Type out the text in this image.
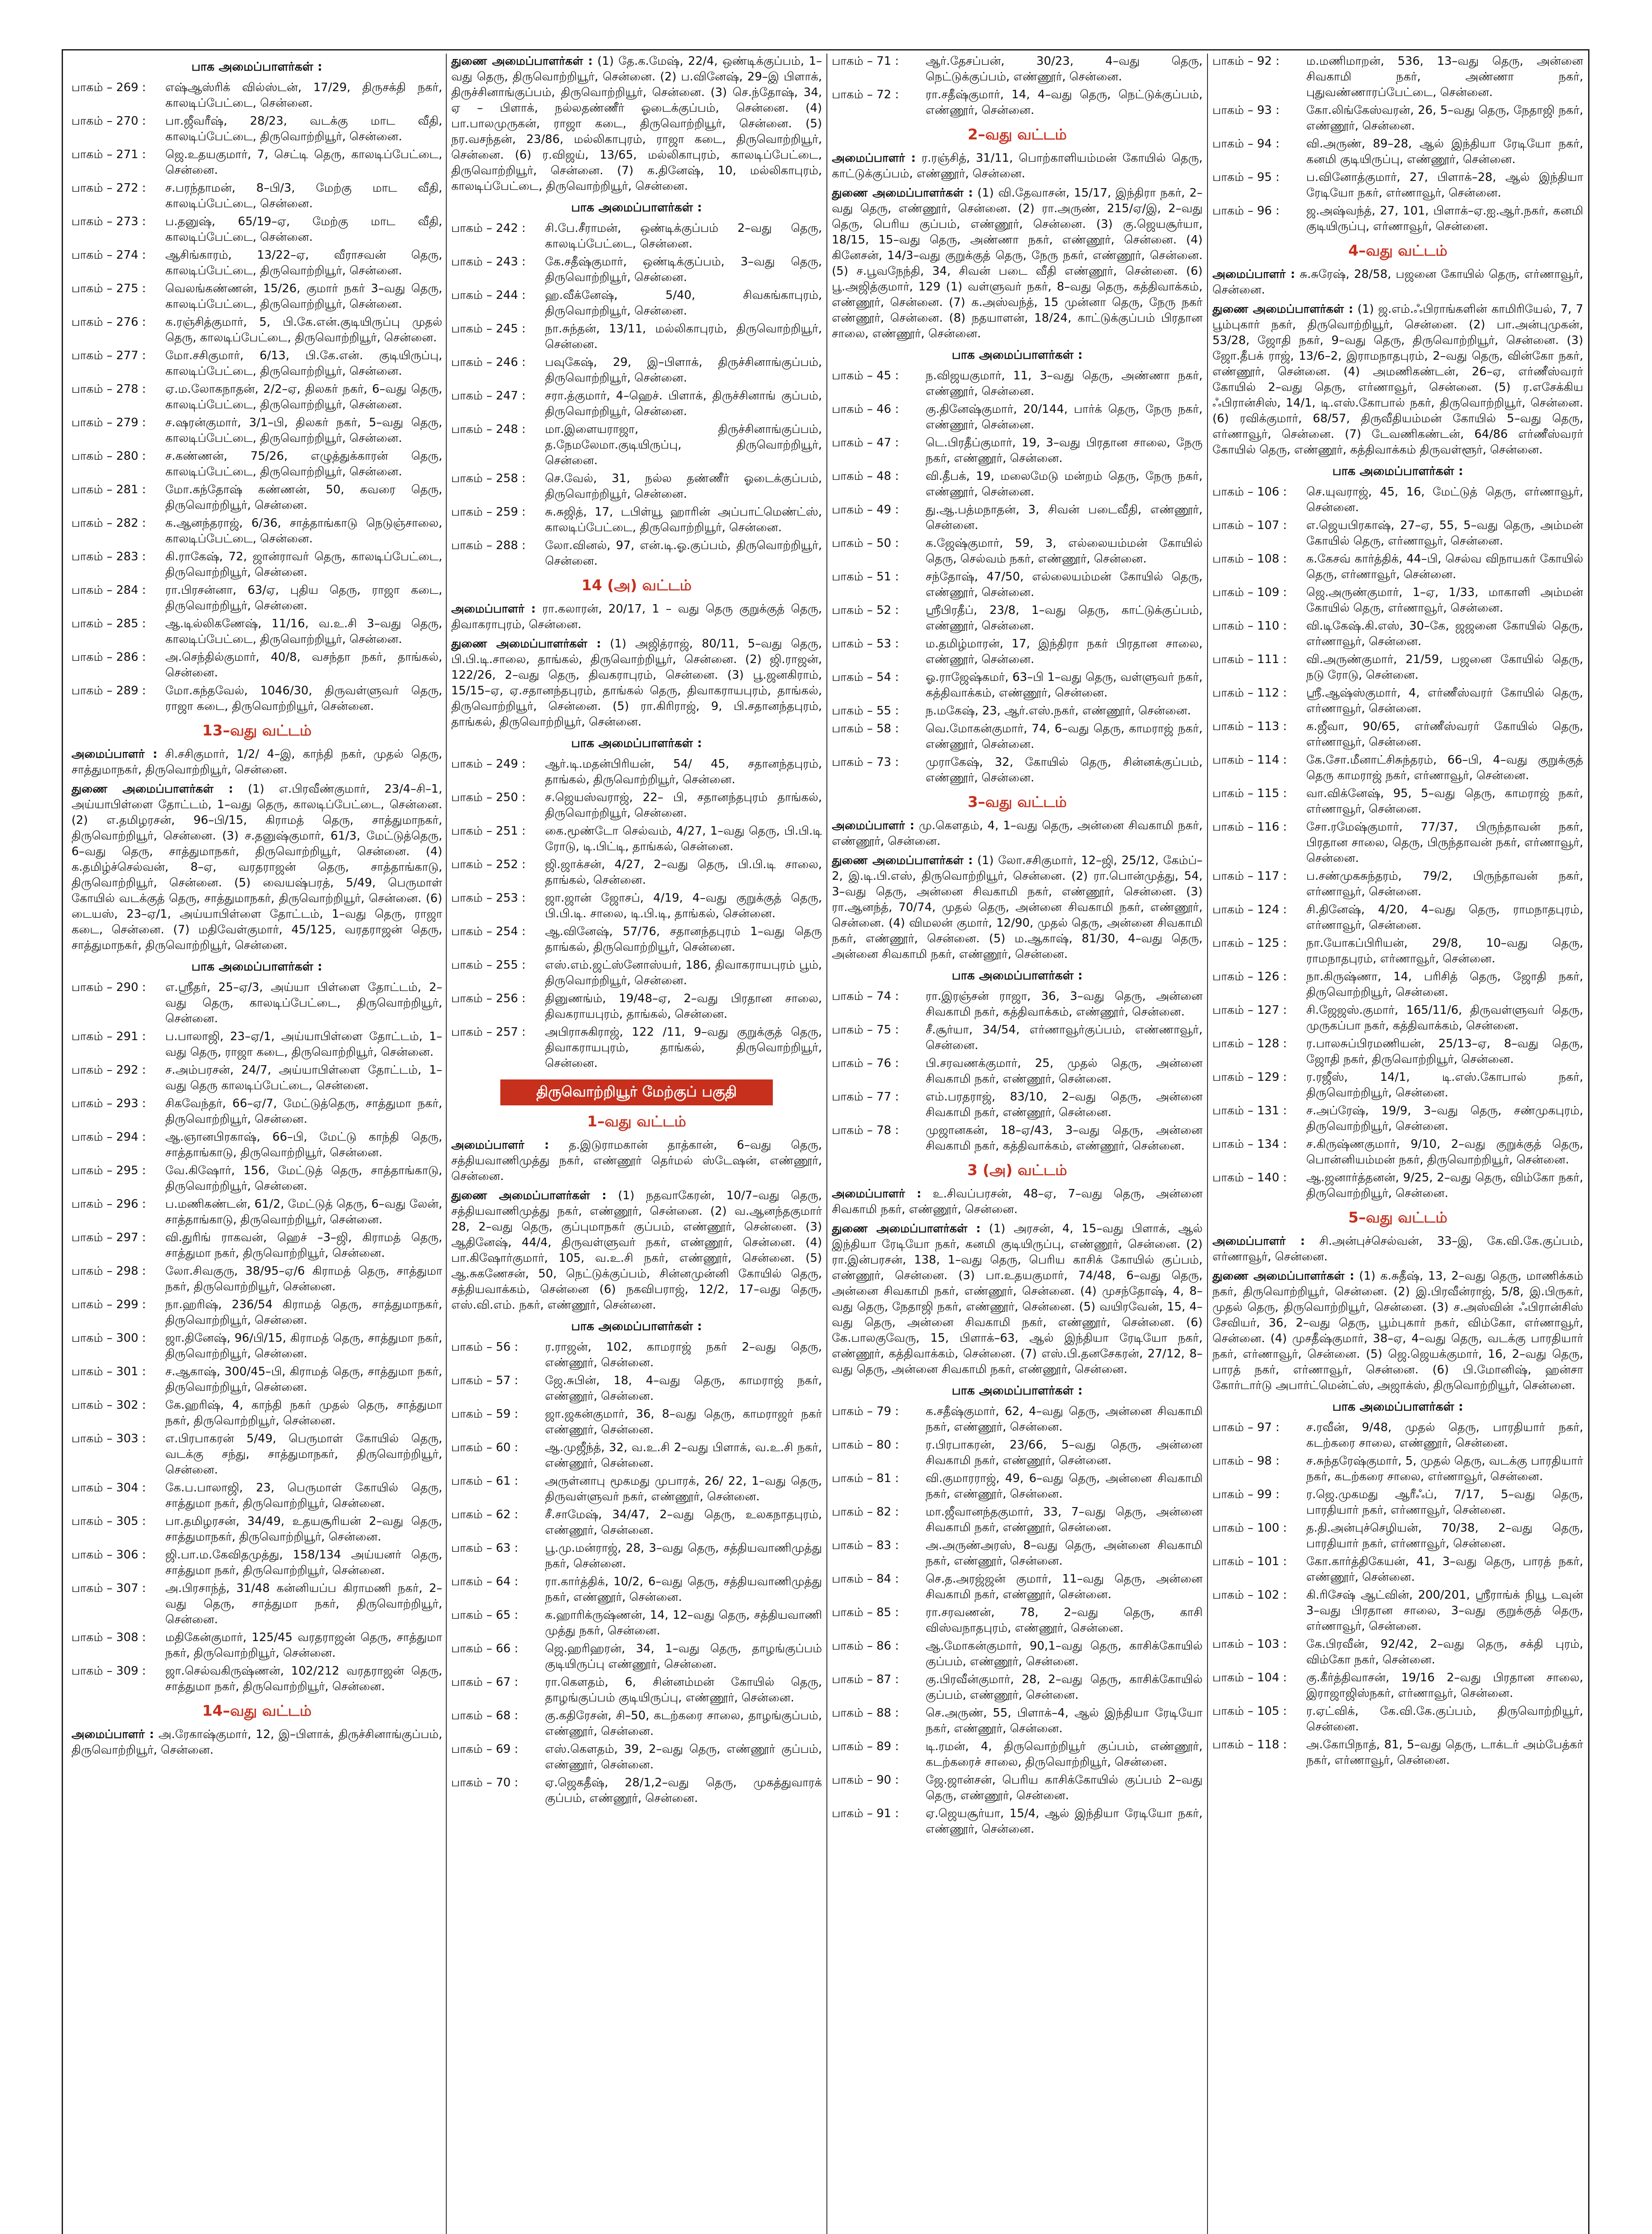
பாக அமைப்பாளர்கள் :
பாகம் – 269 :	எஷ்ஆஸ்ரிக் வில்ஸ்டன், 17/29, திருசக்தி நகர், காலடிப்பேட்டை, சென்னை.
பாகம் – 270 :	பா.ஜீவரீஷ், 28/23, வடக்கு மாட வீதி, காலடிப்பேட்டை, திருவொற்றியூர், சென்னை.
பாகம் – 271 :	ஜெ.உதயகுமார், 7, செட்டி தெரு, காலடிப்பேட்டை, சென்னை.
பாகம் – 272 :	ச.பரந்தாமன், 8–பி/3, மேற்கு மாட வீதி, காலடிப்பேட்டை, சென்னை.
பாகம் – 273 :	ப.தனுஷ், 65/19–ஏ, மேற்கு மாட வீதி, காலடிப்பேட்டை, சென்னை.
பாகம் – 274 :	ஆசிங்காரம், 13/22–ஏ, வீராசவன் தெரு, காலடிப்பேட்டை, திருவொற்றியூர், சென்னை.
பாகம் – 275 :	வெலங்கண்ணன், 15/26, குமார் நகர் 3–வது தெரு, காலடிப்பேட்டை, திருவொற்றியூர், சென்னை.
பாகம் – 276 :	க.ரஞ்சித்குமார், 5, பி.கே.என்.குடியிருப்பு முதல் தெரு, காலடிப்பேட்டை, திருவொற்றியூர், சென்னை.
பாகம் – 277 :	மோ.சசிகுமார், 6/13, பி.கே.என். குடியிருப்பு, காலடிப்பேட்டை, திருவொற்றியூர், சென்னை.
பாகம் – 278 :	ஏ.ம.லோகநாதன், 2/2–ஏ, திலகர் நகர், 6–வது தெரு, காலடிப்பேட்டை, திருவொற்றியூர், சென்னை.
பாகம் – 279 :	ச.ஷரன்குமார், 3/1–பி, திலகர் நகர், 5–வது தெரு, காலடிப்பேட்டை, திருவொற்றியூர், சென்னை.
பாகம் – 280 :	ச.கண்ணன், 75/26, எழுத்துக்காரன் தெரு, காலடிப்பேட்டை, திருவொற்றியூர், சென்னை.
பாகம் – 281 :	மோ.கந்தோஷ் கண்ணன், 50, கவரை தெரு, திருவொற்றியூர், சென்னை.
பாகம் – 282 :	க.ஆனந்தராஜ், 6/36, சாத்தாங்காடு நெடுஞ்சாலை, காலடிப்பேட்டை, சென்னை.
பாகம் – 283 :	கி.ராகேஷ், 72, ஜான்ராவர் தெரு, காலடிப்பேட்டை, திருவொற்றியூர், சென்னை.
பாகம் – 284 :	ரா.பிரசன்னா, 63/ஏ, புதிய தெரு, ராஜா கடை, திருவொற்றியூர், சென்னை.
பாகம் – 285 :	ஆ.டில்லிகணேஷ், 11/16, வ.உ.சி 3–வது தெரு, காலடிப்பேட்டை, திருவொற்றியூர், சென்னை.
பாகம் – 286 :	அ.செந்தில்குமார், 40/8, வசந்தா நகர், தாங்கல், சென்னை.
பாகம் – 289 :	மோ.கந்தவேல், 1046/30, திருவள்ளுவர் தெரு, ராஜா கடை, திருவொற்றியூர், சென்னை.
13–வது வட்டம்
அமைப்பாளர் : சி.சசிகுமார், 1/2/ 4–இ, காந்தி நகர், முதல் தெரு, சாத்துமாநகர், திருவொற்றியூர், சென்னை.
துணை அமைப்பாளர்கள் : (1) எ.பிரவீண்குமார், 23/4–சி–1, அய்யாபிள்ளை தோட்டம், 1–வது தெரு, காலடிப்பேட்டை, சென்னை. (2) எ.தமிழரசன், 96–பி/15, கிராமத் தெரு, சாத்துமாநகர், திருவொற்றியூர், சென்னை. (3) ச.தனுஷ்குமார், 61/3, மேட்டுத்தெரு, 6–வது தெரு, சாத்துமாநகர், திருவொற்றியூர், சென்னை. (4) க.தமிழ்ச்செல்வன், 8–ஏ, வரதராஜன் தெரு, சாத்தாங்காடு, திருவொற்றியூர், சென்னை. (5) வையஷ்பரத், 5/49, பெருமாள் கோயில் வடக்குத் தெரு, சாத்துமாநகர், திருவொற்றியூர், சென்னை. (6) டையஸ், 23–ஏ/1, அய்யாபிள்ளை தோட்டம், 1–வது தெரு, ராஜா கடை, சென்னை. (7) மதிவேள்குமார், 45/125, வரதராஜன் தெரு, சாத்துமாநகர், திருவொற்றியூர், சென்னை.
பாக அமைப்பாளர்கள் :
பாகம் – 290 :	எ.ஸ்ரீதர், 25–ஏ/3, அய்யா பிள்ளை தோட்டம், 2–வது தெரு, காலடிப்பேட்டை, திருவொற்றியூர், சென்னை.
பாகம் – 291 :	ப.பாலாஜி, 23–ஏ/1, அய்யாபிள்ளை தோட்டம், 1–வது தெரு, ராஜா கடை, திருவொற்றியூர், சென்னை.
பாகம் – 292 :	ச.அம்பரசன், 24/7, அய்யாபிள்ளை தோட்டம், 1–வது தெரு காலடிப்பேட்டை, சென்னை.
பாகம் – 293 :	சிகவேந்தர், 66–ஏ/7, மேட்டுத்தெரு, சாத்துமா நகர், திருவொற்றியூர், சென்னை.
பாகம் – 294 :	ஆ.ஞானபிரகாஷ், 66–பி, மேட்டு காந்தி தெரு, சாத்தாங்காடு, திருவொற்றியூர், சென்னை.
பாகம் – 295 :	வே.கிஷோர், 156, மேட்டுத் தெரு, சாத்தாங்காடு, திருவொற்றியூர், சென்னை.
பாகம் – 296 :	ப.மணிகண்டன், 61/2, மேட்டுத் தெரு, 6–வது லேன், சாத்தாங்காடு, திருவொற்றியூர், சென்னை.
பாகம் – 297 :	வி.துரிங் ராகவன், ஹெச் –3–ஜி, கிராமத் தெரு, சாத்துமா நகர், திருவொற்றியூர், சென்னை.
பாகம் – 298 :	லோ.சிவகுரு, 38/95–ஏ/6 கிராமத் தெரு, சாத்துமா நகர், திருவொற்றியூர், சென்னை.
பாகம் – 299 :	நா.ஹரிஷ், 236/54 கிராமத் தெரு, சாத்துமாநகர், திருவொற்றியூர், சென்னை.
பாகம் – 300 :	ஜா.தினேஷ், 96/பி/15, கிராமத் தெரு, சாத்துமா நகர், திருவொற்றியூர், சென்னை.
பாகம் – 301 :	ச.ஆகாஷ், 300/45–பி, கிராமத் தெரு, சாத்துமா நகர், திருவொற்றியூர், சென்னை.
பாகம் – 302 :	கே.ஹரிஷ், 4, காந்தி நகர் முதல் தெரு, சாத்துமா நகர், திருவொற்றியூர், சென்னை.
பாகம் – 303 :	எ.பிரபாகரன் 5/49, பெருமாள் கோயில் தெரு, வடக்கு சந்து, சாத்துமாநகர், திருவொற்றியூர், சென்னை.
பாகம் – 304 :	கே.ப.பாலாஜி, 23, பெருமாள் கோயில் தெரு, சாத்துமா நகர், திருவொற்றியூர், சென்னை.
பாகம் – 305 :	பா.தமிழரசன், 34/49, உதயசூரியன் 2–வது தெரு, சாத்துமாநகர், திருவொற்றியூர், சென்னை.
பாகம் – 306 :	ஜி.பா.ம.கேவிதமுத்து, 158/134 அய்யனர் தெரு, சாத்துமா நகர், திருவொற்றியூர், சென்னை.
பாகம் – 307 :	அ.பிரசாந்த், 31/48 கன்னியப்ப கிராமணி நகர், 2–வது தெரு, சாத்துமா நகர், திருவொற்றியூர், சென்னை.
பாகம் – 308 :	மதிகேன்குமார், 125/45 வரதராஜன் தெரு, சாத்துமா நகர், திருவொற்றியூர், சென்னை.
பாகம் – 309 :	ஜா.செல்வகிருஷ்ணன், 102/212 வரதராஜன் தெரு, சாத்துமா நகர், திருவொற்றியூர், சென்னை.
14–வது வட்டம்
அமைப்பாளர் : அ.ரேகாஷ்குமார், 12, இ–பிளாக், திருச்சினாங்குப்பம், திருவொற்றியூர், சென்னை.
துணை அமைப்பாளர்கள் : (1) தே.க.மேஷ், 22/4, ஒண்டிக்குப்பம், 1–வது தெரு, திருவொற்றியூர், சென்னை. (2) ப.வினேஷ், 29–இ பிளாக், திருச்சினாங்குப்பம், திருவொற்றியூர், சென்னை. (3) செ.ந்தோஷ், 34, ஏ – பிளாக், நல்லதண்ணீர் ஓடைக்குப்பம், சென்னை. (4) பா.பாலமுருகன், ராஜா கடை, திருவொற்றியூர், சென்னை. (5) நர.வசந்தன், 23/86, மல்லிகாபுரம், ராஜா கடை, திருவொற்றியூர், சென்னை. (6) ர.விஜய், 13/65, மல்லிகாபுரம், காலடிப்பேட்டை, திருவொற்றியூர், சென்னை. (7) க.தினேஷ், 10, மல்லிகாபுரம், காலடிப்பேட்டை, திருவொற்றியூர், சென்னை.
பாக அமைப்பாளர்கள் :
பாகம் – 242 :	சி.பே.சீராமன், ஒண்டிக்குப்பம் 2–வது தெரு, காலடிப்பேட்டை, சென்னை.
பாகம் – 243 :	கே.சதீஷ்குமார், ஒண்டிக்குப்பம், 3–வது தெரு, திருவொற்றியூர், சென்னை.
பாகம் – 244 :	ஹ.வீக்னேஷ், 5/40, சிவகங்காபுரம், திருவொற்றியூர், சென்னை.
பாகம் – 245 :	நா.சுந்தன், 13/11, மல்லிகாபுரம், திருவொற்றியூர், சென்னை.
பாகம் – 246 :	பவுகேஷ், 29, இ–பிளாக், திருச்சினாங்குப்பம், திருவொற்றியூர், சென்னை.
பாகம் – 247 :	சரா.த்குமார், 4–ஹெச். பிளாக், திருச்சினாங் குப்பம், திருவொற்றியூர், சென்னை.
பாகம் – 248 :	மா.இளையராஜா, திருச்சினாங்குப்பம், த.நேமலேமா.குடியிருப்பு, திருவொற்றியூர், சென்னை.
பாகம் – 258 :	செ.வேல், 31, நல்ல தண்ணீர் ஓடைக்குப்பம், திருவொற்றியூர், சென்னை.
பாகம் – 259 :	சு.சுஜித், 17, டபிள்யூ ஹாரின் அப்பாட்மெண்ட்ஸ், காலடிப்பேட்டை, திருவொற்றியூர், சென்னை.
பாகம் – 288 :	லோ.வினல், 97, என்.டி.ஓ.குப்பம், திருவொற்றியூர், சென்னை.
14 (அ) வட்டம்
அமைப்பாளர் : ரா.கலாரன், 20/17, 1 – வது தெரு குறுக்குத் தெரு, திவாகராபுரம், சென்னை.
துணை அமைப்பாளர்கள் : (1) அஜித்ராஜ், 80/11, 5–வது தெரு, பி.பி.டி.சாலை, தாங்கல், திருவொற்றியூர், சென்னை. (2) ஜி.ராஜன், 122/26, 2–வது தெரு, திவகராபுரம், சென்னை. (3) பூ.ஜனகிராம், 15/15–ஏ, ஏ.சதானந்தபுரம், தாங்கல் தெரு, திவாகராயபுரம், தாங்கல், திருவொற்றியூர், சென்னை. (5) ரா.கிரிராஜ், 9, பி.சதானந்தபுரம், தாங்கல், திருவொற்றியூர், சென்னை.
பாக அமைப்பாளர்கள் :
பாகம் – 249 :	ஆர்.டி.மதன்பிரியன், 54/ 45, சதானந்தபுரம், தாங்கல், திருவொற்றியூர், சென்னை.
பாகம் – 250 :	ச.ஜெயஸ்வராஜ், 22– பி, சதானந்தபுரம் தாங்கல், திருவொற்றியூர், சென்னை.
பாகம் – 251 :	கை.மூண்டோ செல்வம், 4/27, 1–வது தெரு, பி.பி.டி ரோடு, டி.பிட்டி, தாங்கல், சென்னை.
பாகம் – 252 :	ஜி.ஜாக்சன், 4/27, 2–வது தெரு, பி.பி.டி சாலை, தாங்கல், சென்னை.
பாகம் – 253 :	ஜா.ஜான் ஜோசப், 4/19, 4–வது குறுக்குத் தெரு, பி.பி.டி. சாலை, டி.பி.டி, தாங்கல், சென்னை.
பாகம் – 254 :	ஆ.வினேஷ், 57/76, சதானந்தபுரம் 1–வது தெரு தாங்கல், திருவொற்றியூர், சென்னை.
பாகம் – 255 :	எஸ்.எம்.ஜட்ஸ்னோஸ்யர், 186, திவாகராயபுரம் பூம், திருவொற்றியூர், சென்னை.
பாகம் – 256 :	தினுணங்ம், 19/48–ஏ, 2–வது பிரதான சாலை, திவகராயபுரம், தாங்கல், சென்னை.
பாகம் – 257 :	அபிராசுகிராஜ், 122 /11, 9–வது குறுக்குத் தெரு, திவாகராயபுரம், தாங்கல், திருவொற்றியூர், சென்னை.
திருவொற்றியூர் மேற்குப் பகுதி
1–வது வட்டம்
அமைப்பாளர் : த.இடுராமகான் தாத்கான், 6–வது தெரு, சத்தியவாணிமுத்து நகர், எண்ணூர் தெர்மல் ஸ்டேஷன், எண்ணூர், சென்னை.
துணை அமைப்பாளர்கள் : (1) நதவாகேரன், 10/7–வது தெரு, சத்தியவாணிமுத்து நகர், எண்ணூர், சென்னை. (2) வ.ஆனந்தகுமார் 28, 2–வது தெரு, குப்புமாநகர் குப்பம், எண்ணூர், சென்னை. (3) ஆதினேஷ், 44/4, திருவள்ளுவர் நகர், எண்ணூர், சென்னை. (4) பா.கிஷோர்குமார், 105, வ.உ.சி நகர், எண்ணூர், சென்னை. (5) ஆ.சுகணேசன், 50, நெட்டுக்குப்பம், சின்னமுன்னி கோயில் தெரு, சத்தியவாக்கம், சென்னை (6) நகவிபராஜ், 12/2, 17–வது தெரு, எஸ்.வி.எம். நகர், எண்ணூர், சென்னை.
பாக அமைப்பாளர்கள் :
பாகம் – 56 :	ர.ராஜன், 102, காமராஜ் நகர் 2–வது தெரு, எண்ணூர், சென்னை.
பாகம் – 57 :	ஜே.சுபின், 18, 4–வது தெரு, காமராஜ் நகர், எண்ணூர், சென்னை.
பாகம் – 59 :	ஜா.ஜகன்குமார், 36, 8–வது தெரு, காமராஜர் நகர் எண்ணூர், சென்னை.
பாகம் – 60 :	ஆ.முஜீந்த், 32, வ.உ.சி 2–வது பிளாக், வ.உ.சி நகர், எண்ணூர், சென்னை.
பாகம் – 61 :	அருள்னாபு மூகமது முபாரக், 26/ 22, 1–வது தெரு, திருவள்ளுவர் நகர், எண்ணூர், சென்னை.
பாகம் – 62 :	சீ.சாமேஷ், 34/47, 2–வது தெரு, உலகநாதபுரம், எண்ணூர், சென்னை.
பாகம் – 63 :	பூ.மு.மன்ராஜ், 28, 3–வது தெரு, சத்தியவாணிமுத்து நகர், சென்னை.
பாகம் – 64 :	ரா.கார்த்திக், 10/2, 6–வது தெரு, சத்தியவாணிமுத்து நகர், எண்ணூர், சென்னை.
பாகம் – 65 :	க.ஹாரிக்ருஷ்ணன், 14, 12–வது தெரு, சத்தியவாணி முத்து நகர், சென்னை.
பாகம் – 66 :	ஜெ.ஹரிஹரன், 34, 1–வது தெரு, தாழங்குப்பம் குடியிருப்பு எண்ணூர், சென்னை.
பாகம் – 67 :	ரா.கௌதம், 6, சின்னம்மன் கோயில் தெரு, தாழங்குப்பம் குடியிருப்பு, எண்ணூர், சென்னை.
பாகம் – 68 :	கு.கதிரேசன், சி–50, கடற்கரை சாலை, தாழங்குப்பம், எண்ணூர், சென்னை.
பாகம் – 69 :	எஸ்.கௌதம், 39, 2–வது தெரு, எண்ணூர் குப்பம், எண்ணூர், சென்னை.
பாகம் – 70 :	ஏ.ஜெகதீஷ், 28/1,2–வது தெரு, முகத்துவாரக் குப்பம், எண்ணூர், சென்னை.
பாகம் – 71 :	ஆர்.தேசப்பன், 30/23, 4–வது தெரு, நெட்டுக்குப்பம், எண்ணூர், சென்னை.
பாகம் – 72 :	ரா.சதீஷ்குமார், 14, 4–வது தெரு, நெட்டுக்குப்பம், எண்ணூர், சென்னை.
2–வது வட்டம்
அமைப்பாளர் : ர.ரஞ்சித், 31/11, பொற்காளியம்மன் கோயில் தெரு, காட்டுக்குப்பம், எண்ணூர், சென்னை.
துணை அமைப்பாளர்கள் : (1) வி.தேவாசன், 15/17, இந்திரா நகர், 2–வது தெரு, எண்ணூர், சென்னை. (2) ரா.அருண், 215/ஏ/இ, 2–வது தெரு, பெரிய குப்பம், எண்ணூர், சென்னை. (3) கு.ஜெயசூர்யா, 18/15, 15–வது தெரு, அண்ணா நகர், எண்ணூர், சென்னை. (4) கினேசன், 14/3–வது குறுக்குத் தெரு, நேரு நகர், எண்ணூர், சென்னை. (5) ச.பூவநேந்தி, 34, சிவன் படை வீதி எண்ணூர், சென்னை. (6) பூ.அஜித்குமார், 129 (1) வள்ளுவர் நகர், 8–வது தெரு, கத்திவாக்கம், எண்ணூர், சென்னை. (7) க.அஸ்வந்த், 15 முன்னா தெரு, நேரு நகர் எண்ணூர், சென்னை. (8) நதயாளன், 18/24, காட்டுக்குப்பம் பிரதான சாலை, எண்ணூர், சென்னை.
பாக அமைப்பாளர்கள் :
பாகம் – 45 :	ந.விஜயகுமார், 11, 3–வது தெரு, அண்ணா நகர், எண்ணூர், சென்னை.
பாகம் – 46 :	கு.தினேஷ்குமார், 20/144, பார்க் தெரு, நேரு நகர், எண்ணூர், சென்னை.
பாகம் – 47 :	டெ.பிரதீப்குமார், 19, 3–வது பிரதான சாலை, நேரு நகர், எண்ணூர், சென்னை.
பாகம் – 48 :	வி.தீபக், 19, மலைமேடு மன்றம் தெரு, நேரு நகர், எண்ணூர், சென்னை.
பாகம் – 49 :	து.ஆ.பத்மநாதன், 3, சிவன் படைவீதி, எண்ணூர், சென்னை.
பாகம் – 50 :	க.ஜேஷ்குமார், 59, 3, எல்லையம்மன் கோயில் தெரு, செல்வம் நகர், எண்ணூர், சென்னை.
பாகம் – 51 :	சந்தோஷ், 47/50, எல்லையம்மன் கோயில் தெரு, எண்ணூர், சென்னை.
பாகம் – 52 :	ஸ்ரீபிரதீப், 23/8, 1–வது தெரு, காட்டுக்குப்பம், எண்ணூர், சென்னை.
பாகம் – 53 :	ம.தமிழ்மாரன், 17, இந்திரா நகர் பிரதான சாலை, எண்ணூர், சென்னை.
பாகம் – 54 :	ஓ.ராஜேஷ்கமர், 63–பி 1–வது தெரு, வள்ளுவர் நகர், கத்திவாக்கம், எண்ணூர், சென்னை.
பாகம் – 55 :	ந.மகேஷ், 23, ஆர்.எஸ்.நகர், எண்ணூர், சென்னை.
பாகம் – 58 :	வெ.மோகன்குமார், 74, 6–வது தெரு, காமராஜ் நகர், எண்ணூர், சென்னை.
பாகம் – 73 :	முராகேஷ், 32, கோயில் தெரு, சின்னக்குப்பம், எண்ணூர், சென்னை.
3–வது வட்டம்
அமைப்பாளர் : மு.கௌதம், 4, 1–வது தெரு, அன்னை சிவகாமி நகர், எண்ணூர், சென்னை.
துணை அமைப்பாளர்கள் : (1) லோ.சசிகுமார், 12–ஜி, 25/12, கேம்ப்–2, இ.டி.பி.எஸ், திருவொற்றியூர், சென்னை. (2) ரா.பொன்முத்து, 54, 3–வது தெரு, அன்னை சிவகாமி நகர், எண்ணூர், சென்னை. (3) ரா.ஆனந்த், 70/74, முதல் தெரு, அன்னை சிவகாமி நகர், எண்ணூர், சென்னை. (4) விமலன் குமார், 12/90, முதல் தெரு, அன்னை சிவகாமி நகர், எண்ணூர், சென்னை. (5) ம.ஆகாஷ், 81/30, 4–வது தெரு, அன்னை சிவகாமி நகர், எண்ணூர், சென்னை.
பாக அமைப்பாளர்கள் :
பாகம் – 74 :	ரா.இரஞ்சன் ராஜா, 36, 3–வது தெரு, அன்னை சிவகாமி நகர், கத்திவாக்கம், எண்ணூர், சென்னை.
பாகம் – 75 :	சீ.சூர்யா, 34/54, எர்ணாவூர்குப்பம், எண்ணாவூர், சென்னை.
பாகம் – 76 :	பி.சரவணக்குமார், 25, முதல் தெரு, அன்னை சிவகாமி நகர், எண்ணூர், சென்னை.
பாகம் – 77 :	எம்.பரதராஜ், 83/10, 2–வது தெரு, அன்னை சிவகாமி நகர், எண்ணூர், சென்னை.
பாகம் – 78 :	முஜானகன், 18–ஏ/43, 3–வது தெரு, அன்னை சிவகாமி நகர், கத்திவாக்கம், எண்ணூர், சென்னை.
3 (அ) வட்டம்
அமைப்பாளர் : உ.சிவப்பரசன், 48–ஏ, 7–வது தெரு, அன்னை சிவகாமி நகர், எண்ணூர், சென்னை.
துணை அமைப்பாளர்கள் : (1) அரசன், 4, 15–வது பிளாக், ஆல் இந்தியா ரேடியோ நகர், கனமி குடியிருப்பு, எண்ணூர், சென்னை. (2) ரா.இன்பரசன், 138, 1–வது தெரு, பெரிய காசிக் கோயில் குப்பம், எண்ணூர், சென்னை. (3) பா.உதயகுமார், 74/48, 6–வது தெரு, அன்னை சிவகாமி நகர், எண்ணூர், சென்னை. (4) முசந்தோஷ், 4, 8–வது தெரு, நேதாஜி நகர், எண்ணூர், சென்னை. (5) வயிரவேன், 15, 4–வது தெரு, அன்னை சிவகாமி நகர், எண்ணூர், சென்னை. (6) கே.பாலகுவேரு, 15, பிளாக்–63, ஆல் இந்தியா ரேடியோ நகர், எண்ணூர், கத்திவாக்கம், சென்னை. (7) எஸ்.பி.தனசேகரன், 27/12, 8–வது தெரு, அன்னை சிவகாமி நகர், எண்ணூர், சென்னை.
பாக அமைப்பாளர்கள் :
பாகம் – 79 :	க.சதீஷ்குமார், 62, 4–வது தெரு, அன்னை சிவகாமி நகர், எண்ணூர், சென்னை.
பாகம் – 80 :	ர.பிரபாகரன், 23/66, 5–வது தெரு, அன்னை சிவகாமி நகர், எண்ணூர், சென்னை.
பாகம் – 81 :	வி.குமாரராஜ், 49, 6–வது தெரு, அன்னை சிவகாமி நகர், எண்ணூர், சென்னை.
பாகம் – 82 :	மா.ஜீவானந்தகுமார், 33, 7–வது தெரு, அன்னை சிவகாமி நகர், எண்ணூர், சென்னை.
பாகம் – 83 :	அ.அருண்அரஸ், 8–வது தெரு, அன்னை சிவகாமி நகர், எண்ணூர், சென்னை.
பாகம் – 84 :	செ.த.அரஜ்ஜன் குமார், 11–வது தெரு, அன்னை சிவகாமி நகர், எண்ணூர், சென்னை.
பாகம் – 85 :	ரா.சரவணன், 78, 2–வது தெரு, காசி விஸ்வநாதபுரம், எண்ணூர், சென்னை.
பாகம் – 86 :	ஆ.மோகன்குமார், 90,1–வது தெரு, காசிக்கோயில் குப்பம், எண்ணூர், சென்னை.
பாகம் – 87 :	கு.பிரவீன்குமார், 28, 2–வது தெரு, காசிக்கோயில் குப்பம், எண்ணூர், சென்னை.
பாகம் – 88 :	செ.அருண், 55, பிளாக்–4, ஆல் இந்தியா ரேடியோ நகர், எண்ணூர், சென்னை.
பாகம் – 89 :	டி.ரமன், 4, திருவொற்றியூர் குப்பம், எண்ணூர், கடற்கரைச் சாலை, திருவொற்றியூர், சென்னை.
பாகம் – 90 :	ஜே.ஜான்சன், பெரிய காசிக்கோயில் குப்பம் 2–வது தெரு, எண்ணூர், சென்னை.
பாகம் – 91 :	ஏ.ஜெயசூர்யா, 15/4, ஆல் இந்தியா ரேடியோ நகர், எண்ணூர், சென்னை.
பாகம் – 92 :	ம.மணிமாறன், 536, 13–வது தெரு, அன்னை சிவகாமி நகர், அண்ணா நகர், புதுவண்ணாரப்பேட்டை, சென்னை.
பாகம் – 93 :	கோ.லிங்கேஸ்வரன், 26, 5–வது தெரு, நேதாஜி நகர், எண்ணூர், சென்னை.
பாகம் – 94 :	வி.அருண், 89–28, ஆல் இந்தியா ரேடியோ நகர், கனமி குடியிருப்பு, எண்ணூர், சென்னை.
பாகம் – 95 :	ப.வினோத்குமார், 27, பிளாக்–28, ஆல் இந்தியா ரேடியோ நகர், எர்ணாவூர், சென்னை.
பாகம் – 96 :	ஜ.அஷ்வந்த், 27, 101, பிளாக்–ஏ.ஐ.ஆர்.நகர், கனமி குடியிருப்பு, எர்ணாவூர், சென்னை.
4–வது வட்டம்
அமைப்பாளர் : சு.சுரேஷ், 28/58, பஜனை கோயில் தெரு, எர்ணாவூர், சென்னை.
துணை அமைப்பாளர்கள் : (1) ஜ.எம்.ஃபிராங்களின் காமிரியேல், 7, 7 பூம்புகார் நகர், திருவொற்றியூர், சென்னை. (2) பா.அன்புமுகன், 53/28, ஜோதி நகர், 9–வது தெரு, திருவொற்றியூர், சென்னை. (3) ஜோ.தீபக் ராஜ், 13/6–2, இராமநாதபுரம், 2–வது தெரு, வின்கோ நகர், எண்ணூர், சென்னை. (4) அமணிகண்டன், 26–ஏ, எர்ணீஸ்வரர் கோயில் 2–வது தெரு, எர்ணாவூர், சென்னை. (5) ர.எசேக்கிய ஃபிரான்சிஸ், 14/1, டி.எஸ்.கோபால் நகர், திருவொற்றியூர், சென்னை. (6) ரவிக்குமார், 68/57, திருவீதியம்மன் கோயில் 5–வது தெரு, எர்ணாவூர், சென்னை. (7) டேவணிகண்டன், 64/86 எர்ணீஸ்வரர் கோயில் தெரு, எண்ணூர், கத்திவாக்கம் திருவள்ளூர், சென்னை.
பாக அமைப்பாளர்கள் :
பாகம் – 106 :	செ.யுவராஜ், 45, 16, மேட்டுத் தெரு, எர்ணாவூர், சென்னை.
பாகம் – 107 :	எ.ஜெயபிரகாஷ், 27–ஏ, 55, 5–வது தெரு, அம்மன் கோயில் தெரு, எர்ணாவூர், சென்னை.
பாகம் – 108 :	க.கேசவ் கார்த்திக், 44–பி, செல்வ விநாயகர் கோயில் தெரு, எர்ணாவூர், சென்னை.
பாகம் – 109 :	ஜெ.அருண்குமார், 1–ஏ, 1/33, மாகாளி அம்மன் கோயில் தெரு, எர்ணாவூர், சென்னை.
பாகம் – 110 :	வி.டிகேஷ்.கி.எஸ், 30–கே, ஜஜனை கோயில் தெரு, எர்ணாவூர், சென்னை.
பாகம் – 111 :	வி.அருண்குமார், 21/59, பஜனை கோயில் தெரு, நடு ரோடு, சென்னை.
பாகம் – 112 :	ஸ்ரீ.ஆஷ்ஸ்குமார், 4, எர்ணீஸ்வரர் கோயில் தெரு, எர்ணாவூர், சென்னை.
பாகம் – 113 :	க.ஜீவா, 90/65, எர்ணீஸ்வரர் கோயில் தெரு, எர்ணாவூர், சென்னை.
பாகம் – 114 :	கே.சோ.மீனாட்சிசுந்தரம், 66–பி, 4–வது குறுக்குத் தெரு காமராஜ் நகர், எர்ணாவூர், சென்னை.
பாகம் – 115 :	வா.விக்னேஷ், 95, 5–வது தெரு, காமராஜ் நகர், எர்ணாவூர், சென்னை.
பாகம் – 116 :	சோ.ரமேஷ்குமார், 77/37, பிருந்தாவன் நகர், பிரதான சாலை, தெரு, பிருந்தாவன் நகர், எர்ணாவூர், சென்னை.
பாகம் – 117 :	ப.சண்முகசுந்தரம், 79/2, பிருந்தாவன் நகர், எர்ணாவூர், சென்னை.
பாகம் – 124 :	சி.தினேஷ், 4/20, 4–வது தெரு, ராமநாதபுரம், எர்ணாவூர், சென்னை.
பாகம் – 125 :	நா.யோகப்பிரியன், 29/8, 10–வது தெரு, ராமநாதபுரம், எர்ணாவூர், சென்னை.
பாகம் – 126 :	நா.கிருஷ்ணா, 14, பரிசித் தெரு, ஜோதி நகர், திருவொற்றியூர், சென்னை.
பாகம் – 127 :	சி.ஜேஜஸ்.குமார், 165/11/6, திருவள்ளுவர் தெரு, முருகப்பா நகர், கத்திவாக்கம், சென்னை.
பாகம் – 128 :	ர.பாலசுப்பிரமணியன், 25/13–ஏ, 8–வது தெரு, ஜோதி நகர், திருவொற்றியூர், சென்னை.
பாகம் – 129 :	ர.ரஜீஸ், 14/1, டி.எஸ்.கோபால் நகர், திருவொற்றியூர், சென்னை.
பாகம் – 131 :	ச.அப்ரேஷ், 19/9, 3–வது தெரு, சண்முகபுரம், திருவொற்றியூர், சென்னை.
பாகம் – 134 :	ச.கிருஷ்ணகுமார், 9/10, 2–வது குறுக்குத் தெரு, பொன்னியம்மன் நகர், திருவொற்றியூர், சென்னை.
பாகம் – 140 :	ஆ.ஜனார்த்தனன், 9/25, 2–வது தெரு, விம்கோ நகர், திருவொற்றியூர், சென்னை.
5–வது வட்டம்
அமைப்பாளர் : சி.அன்புச்செல்வன், 33–இ, கே.வி.கே.குப்பம், எர்ணாவூர், சென்னை.
துணை அமைப்பாளர்கள் : (1) க.சுதீஷ், 13, 2–வது தெரு, மாணிக்கம் நகர், திருவொற்றியூர், சென்னை. (2) இ.பிரவீன்ராஜ், 5/8, இ.பிருகர், முதல் தெரு, திருவொற்றியூர், சென்னை. (3) ச.அஸ்வின் ஃபிரான்சிஸ் சேவியர், 36, 2–வது தெரு, பூம்புகார் நகர், விம்கோ, எர்ணாவூர், சென்னை. (4) முசதீஷ்குமார், 38–ஏ, 4–வது தெரு, வடக்கு பாரதியார் நகர், எர்ணாவூர், சென்னை. (5) ஜெ.ஜெயக்குமார், 16, 2–வது தெரு, பாரத் நகர், எர்ணாவூர், சென்னை. (6) பி.மோனிஷ், ஹன்சா கோர்டார்டு அபார்ட்மென்ட்ஸ், அஜாக்ஸ், திருவொற்றியூர், சென்னை.
பாக அமைப்பாளர்கள் :
பாகம் – 97 :	ச.ரவீன், 9/48, முதல் தெரு, பாரதியார் நகர், கடற்கரை சாலை, எண்ணூர், சென்னை.
பாகம் – 98 :	ச.சுந்தரேஷ்குமார், 5, முதல் தெரு, வடக்கு பாரதியார் நகர், கடற்கரை சாலை, எர்ணாவூர், சென்னை.
பாகம் – 99 :	ர.ஜெ.முகமது ஆரீஃப், 7/17, 5–வது தெரு, பாரதியார் நகர், எர்ணாவூர், சென்னை.
பாகம் – 100 :	த.தி.அன்புச்செழியன், 70/38, 2–வது தெரு, பாரதியார் நகர், எர்ணாவூர், சென்னை.
பாகம் – 101 :	கோ.கார்த்திகேயன், 41, 3–வது தெரு, பாரத் நகர், எண்ணூர், சென்னை.
பாகம் – 102 :	கி.ரிசேஷ் ஆட்வின், 200/201, ஸ்ரீராங்க் நியூ டவுன் 3–வது பிரதான சாலை, 3–வது குறுக்குத் தெரு, எர்ணாவூர், சென்னை.
பாகம் – 103 :	கே.பிரவீன், 92/42, 2–வது தெரு, சக்தி புரம், விம்கோ நகர், சென்னை.
பாகம் – 104 :	கு.கீர்த்திவாசன், 19/16 2–வது பிரதான சாலை, இராஜாஜிஸ்நகர், எர்ணாவூர், சென்னை.
பாகம் – 105 :	ர.ஏட்விக், கே.வி.கே.குப்பம், திருவொற்றியூர், சென்னை.
பாகம் – 118 :	அ.கோபிநாத், 81, 5–வது தெரு, டாக்டர் அம்பேத்கர் நகர், எர்ணாவூர், சென்னை.
